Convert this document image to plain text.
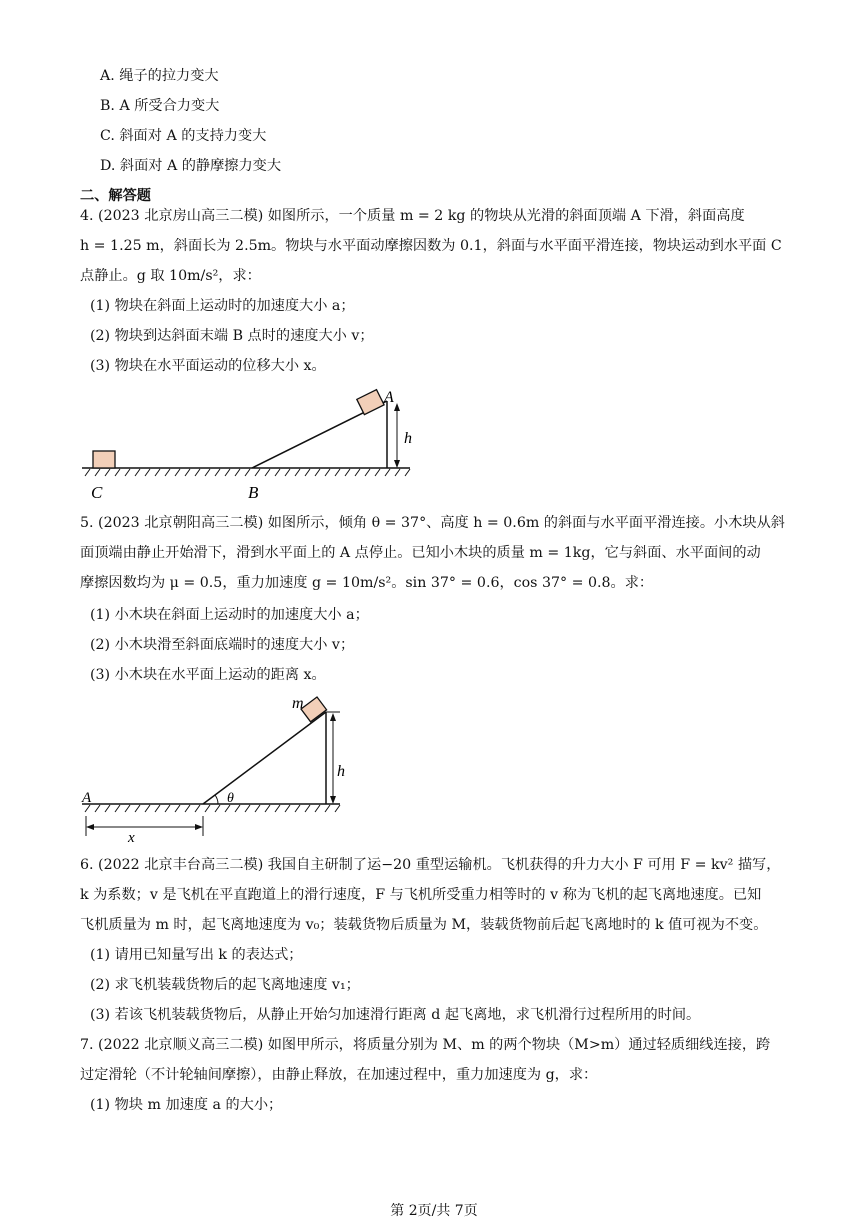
A. 绳子的拉力变大
B. A 所受合力变大
C. 斜面对 A 的支持力变大
D. 斜面对 A 的静摩擦力变大
二、解答题
4. (2023 北京房山高三二模) 如图所示，一个质量 m = 2 kg 的物块从光滑的斜面顶端 A 下滑，斜面高度
h = 1.25 m，斜面长为 2.5m。物块与水平面动摩擦因数为 0.1，斜面与水平面平滑连接，物块运动到水平面 C
点静止。g 取 10m/s²，求：
(1) 物块在斜面上运动时的加速度大小 a；
(2) 物块到达斜面末端 B 点时的速度大小 v；
(3) 物块在水平面运动的位移大小 x。
A
h
C	B
5. (2023 北京朝阳高三二模) 如图所示，倾角 θ = 37°、高度 h = 0.6m 的斜面与水平面平滑连接。小木块从斜
面顶端由静止开始滑下，滑到水平面上的 A 点停止。已知小木块的质量 m = 1kg，它与斜面、水平面间的动
摩擦因数均为 μ = 0.5，重力加速度 g = 10m/s²。sin 37° = 0.6，cos 37° = 0.8。求：
(1) 小木块在斜面上运动时的加速度大小 a；
(2) 小木块滑至斜面底端时的速度大小 v；
(3) 小木块在水平面上运动的距离 x。
m
h
A	θ
x
6. (2022 北京丰台高三二模) 我国自主研制了运−20 重型运输机。飞机获得的升力大小 F 可用 F = kv² 描写，
k 为系数；v 是飞机在平直跑道上的滑行速度，F 与飞机所受重力相等时的 v 称为飞机的起飞离地速度。已知
飞机质量为 m 时，起飞离地速度为 v₀；装载货物后质量为 M，装载货物前后起飞离地时的 k 值可视为不变。
(1) 请用已知量写出 k 的表达式；
(2) 求飞机装载货物后的起飞离地速度 v₁；
(3) 若该飞机装载货物后，从静止开始匀加速滑行距离 d 起飞离地，求飞机滑行过程所用的时间。
7. (2022 北京顺义高三二模) 如图甲所示，将质量分别为 M、m 的两个物块（M>m）通过轻质细线连接，跨
过定滑轮（不计轮轴间摩擦），由静止释放，在加速过程中，重力加速度为 g，求：
(1) 物块 m 加速度 a 的大小；
第 2页/共 7页
